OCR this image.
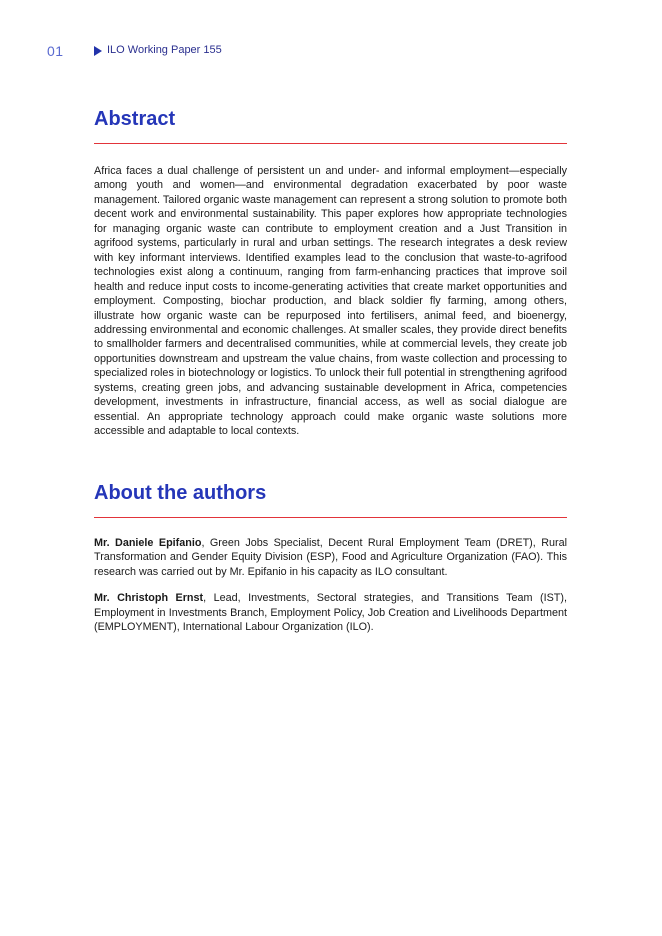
01	ILO Working Paper 155
Abstract

Africa faces a dual challenge of persistent un and under- and informal employment—especially among youth and women—and environmental degradation exacerbated by poor waste management. Tailored organic waste management can represent a strong solution to promote both decent work and environmental sustainability. This paper explores how appropriate technologies for managing organic waste can contribute to employment creation and a Just Transition in agrifood systems, particularly in rural and urban settings. The research integrates a desk review with key informant interviews. Identified examples lead to the conclusion that waste-to-agrifood technologies exist along a continuum, ranging from farm-enhancing practices that improve soil health and reduce input costs to income-generating activities that create market opportunities and employment. Composting, biochar production, and black soldier fly farming, among others, illustrate how organic waste can be repurposed into fertilisers, animal feed, and bioenergy, addressing environmental and economic challenges. At smaller scales, they provide direct benefits to smallholder farmers and decentralised communities, while at commercial levels, they create job opportunities downstream and upstream the value chains, from waste collection and processing to specialized roles in biotechnology or logistics. To unlock their full potential in strengthening agrifood systems, creating green jobs, and advancing sustainable development in Africa, competencies development, investments in infrastructure, financial access, as well as social dialogue are essential. An appropriate technology approach could make organic waste solutions more accessible and adaptable to local contexts.

About the authors

Mr. Daniele Epifanio, Green Jobs Specialist, Decent Rural Employment Team (DRET), Rural Transformation and Gender Equity Division (ESP), Food and Agriculture Organization (FAO). This research was carried out by Mr. Epifanio in his capacity as ILO consultant.

Mr. Christoph Ernst, Lead, Investments, Sectoral strategies, and Transitions Team (IST), Employment in Investments Branch, Employment Policy, Job Creation and Livelihoods Department (EMPLOYMENT), International Labour Organization (ILO).
